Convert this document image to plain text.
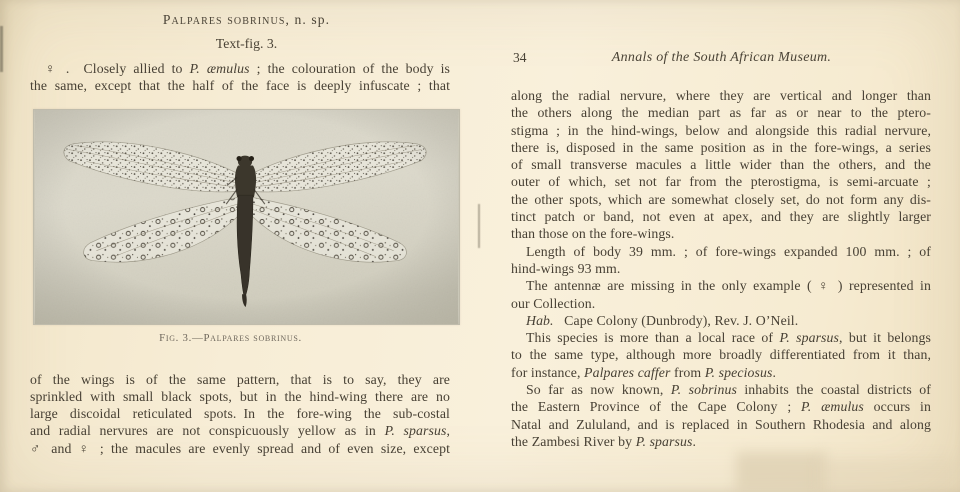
Palpares sobrinus, n. sp.
Text-fig. 3.
♀ .  Closely allied to P. æmulus ; the colouration of the body is
the same, except that the half of the face is deeply infuscate ; that
Fig. 3.—Palpares sobrinus.
of the wings is of the same pattern, that is to say, they are
sprinkled with small black spots, but in the hind-wing there are no
large discoidal reticulated spots. In the fore-wing the sub-costal
and radial nervures are not conspicuously yellow as in P. sparsus,
♂ and ♀ ; the macules are evenly spread and of even size, except
34	Annals of the South African Museum.
along the radial nervure, where they are vertical and longer than
the others along the median part as far as or near to the ptero-
stigma ; in the hind-wings, below and alongside this radial nervure,
there is, disposed in the same position as in the fore-wings, a series
of small transverse macules a little wider than the others, and the
outer of which, set not far from the pterostigma, is semi-arcuate ;
the other spots, which are somewhat closely set, do not form any dis-
tinct patch or band, not even at apex, and they are slightly larger
than those on the fore-wings.
Length of body 39 mm. ; of fore-wings expanded 100 mm. ; of
hind-wings 93 mm.
The antennæ are missing in the only example ( ♀ ) represented in
our Collection.
Hab.  Cape Colony (Dunbrody), Rev. J. O’Neil.
This species is more than a local race of P. sparsus, but it belongs
to the same type, although more broadly differentiated from it than,
for instance, Palpares caffer from P. speciosus.
So far as now known, P. sobrinus inhabits the coastal districts of
the Eastern Province of the Cape Colony ; P. æmulus occurs in
Natal and Zululand, and is replaced in Southern Rhodesia and along
the Zambesi River by P. sparsus.
